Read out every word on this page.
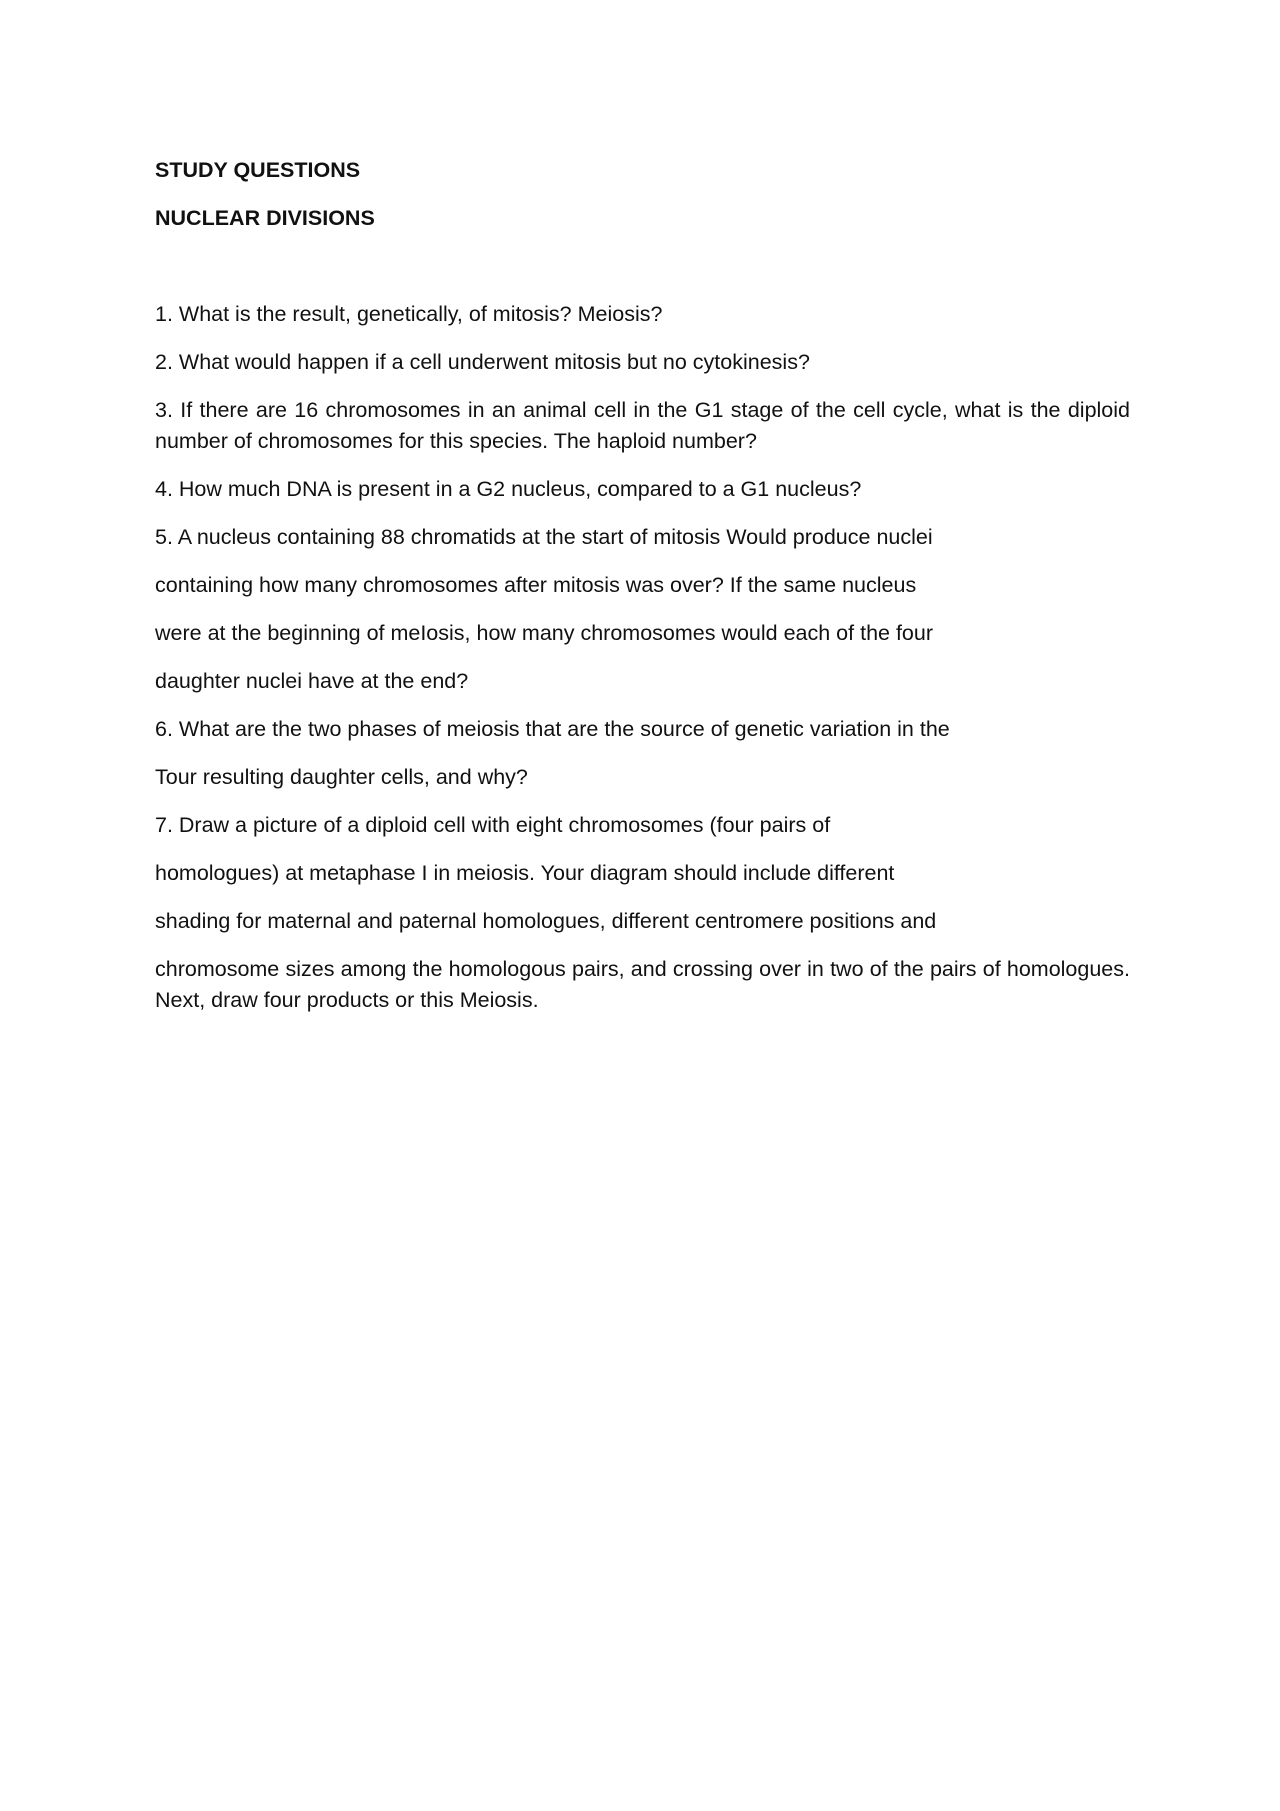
STUDY QUESTIONS

NUCLEAR DIVISIONS

1. What is the result, genetically, of mitosis? Meiosis?

2. What would happen if a cell underwent mitosis but no cytokinesis?

3. If there are 16 chromosomes in an animal cell in the G1 stage of the cell cycle, what is the diploid number of chromosomes for this species. The haploid number?

4. How much DNA is present in a G2 nucleus, compared to a G1 nucleus?

5. A nucleus containing 88 chromatids at the start of mitosis Would produce nuclei

containing how many chromosomes after mitosis was over? If the same nucleus

were at the beginning of meIosis, how many chromosomes would each of the four

daughter nuclei have at the end?

6. What are the two phases of meiosis that are the source of genetic variation in the

Tour resulting daughter cells, and why?

7. Draw a picture of a diploid cell with eight chromosomes (four pairs of

homologues) at metaphase I in meiosis. Your diagram should include different

shading for maternal and paternal homologues, different centromere positions and

chromosome sizes among the homologous pairs, and crossing over in two of the pairs of homologues. Next, draw four products or this Meiosis.
